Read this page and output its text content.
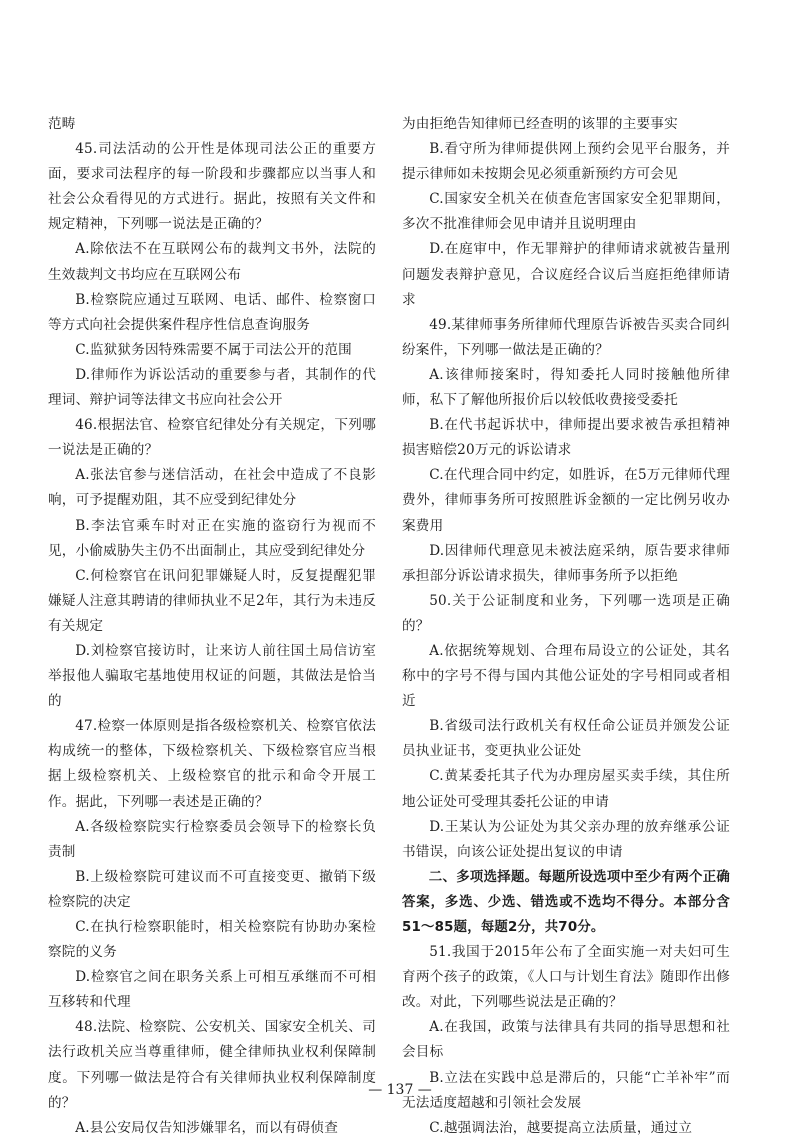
范畴

45.司法活动的公开性是体现司法公正的重要方面，要求司法程序的每一阶段和步骤都应以当事人和社会公众看得见的方式进行。据此，按照有关文件和规定精神，下列哪一说法是正确的？

A.除依法不在互联网公布的裁判文书外，法院的生效裁判文书均应在互联网公布

B.检察院应通过互联网、电话、邮件、检察窗口等方式向社会提供案件程序性信息查询服务

C.监狱狱务因特殊需要不属于司法公开的范围

D.律师作为诉讼活动的重要参与者，其制作的代理词、辩护词等法律文书应向社会公开

46.根据法官、检察官纪律处分有关规定，下列哪一说法是正确的？

A.张法官参与迷信活动，在社会中造成了不良影响，可予提醒劝阻，其不应受到纪律处分

B.李法官乘车时对正在实施的盗窃行为视而不见，小偷威胁失主仍不出面制止，其应受到纪律处分

C.何检察官在讯问犯罪嫌疑人时，反复提醒犯罪嫌疑人注意其聘请的律师执业不足2年，其行为未违反有关规定

D.刘检察官接访时，让来访人前往国土局信访室举报他人骗取宅基地使用权证的问题，其做法是恰当的

47.检察一体原则是指各级检察机关、检察官依法构成统一的整体，下级检察机关、下级检察官应当根据上级检察机关、上级检察官的批示和命令开展工作。据此，下列哪一表述是正确的？

A.各级检察院实行检察委员会领导下的检察长负责制

B.上级检察院可建议而不可直接变更、撤销下级检察院的决定

C.在执行检察职能时，相关检察院有协助办案检察院的义务

D.检察官之间在职务关系上可相互承继而不可相互移转和代理

48.法院、检察院、公安机关、国家安全机关、司法行政机关应当尊重律师，健全律师执业权利保障制度。下列哪一做法是符合有关律师执业权利保障制度的？

A.县公安局仅告知涉嫌罪名，而以有碍侦查

为由拒绝告知律师已经查明的该罪的主要事实

B.看守所为律师提供网上预约会见平台服务，并提示律师如未按期会见必须重新预约方可会见

C.国家安全机关在侦查危害国家安全犯罪期间，多次不批准律师会见申请并且说明理由

D.在庭审中，作无罪辩护的律师请求就被告量刑问题发表辩护意见，合议庭经合议后当庭拒绝律师请求

49.某律师事务所律师代理原告诉被告买卖合同纠纷案件，下列哪一做法是正确的？

A.该律师接案时，得知委托人同时接触他所律师，私下了解他所报价后以较低收费接受委托

B.在代书起诉状中，律师提出要求被告承担精神损害赔偿20万元的诉讼请求

C.在代理合同中约定，如胜诉，在5万元律师代理费外，律师事务所可按照胜诉金额的一定比例另收办案费用

D.因律师代理意见未被法庭采纳，原告要求律师承担部分诉讼请求损失，律师事务所予以拒绝

50.关于公证制度和业务，下列哪一选项是正确的？

A.依据统筹规划、合理布局设立的公证处，其名称中的字号不得与国内其他公证处的字号相同或者相近

B.省级司法行政机关有权任命公证员并颁发公证员执业证书，变更执业公证处

C.黄某委托其子代为办理房屋买卖手续，其住所地公证处可受理其委托公证的申请

D.王某认为公证处为其父亲办理的放弃继承公证书错误，向该公证处提出复议的申请

二、多项选择题。每题所设选项中至少有两个正确答案，多选、少选、错选或不选均不得分。本部分含51～85题，每题2分，共70分。

51.我国于2015年公布了全面实施一对夫妇可生育两个孩子的政策，《人口与计划生育法》随即作出修改。对此，下列哪些说法是正确的？

A.在我国，政策与法律具有共同的指导思想和社会目标

B.立法在实践中总是滞后的，只能“亡羊补牢”而无法适度超越和引领社会发展

C.越强调法治，越要提高立法质量，通过立

— 137 —
